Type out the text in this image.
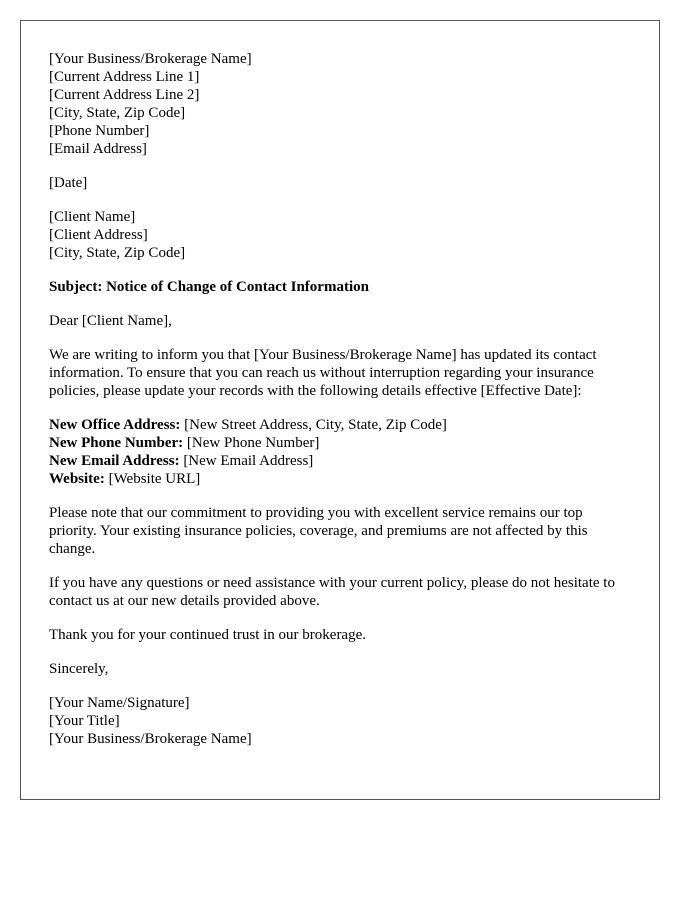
[Your Business/Brokerage Name]
[Current Address Line 1]
[Current Address Line 2]
[City, State, Zip Code]
[Phone Number]
[Email Address]
[Date]
[Client Name]
[Client Address]
[City, State, Zip Code]
Subject: Notice of Change of Contact Information
Dear [Client Name],

We are writing to inform you that [Your Business/Brokerage Name] has updated its contact information. To ensure that you can reach us without interruption regarding your insurance policies, please update your records with the following details effective [Effective Date]:

New Office Address: [New Street Address, City, State, Zip Code]
New Phone Number: [New Phone Number]
New Email Address: [New Email Address]
Website: [Website URL]

Please note that our commitment to providing you with excellent service remains our top priority. Your existing insurance policies, coverage, and premiums are not affected by this change.

If you have any questions or need assistance with your current policy, please do not hesitate to contact us at our new details provided above.

Thank you for your continued trust in our brokerage.

Sincerely,
[Your Name/Signature]
[Your Title]
[Your Business/Brokerage Name]
